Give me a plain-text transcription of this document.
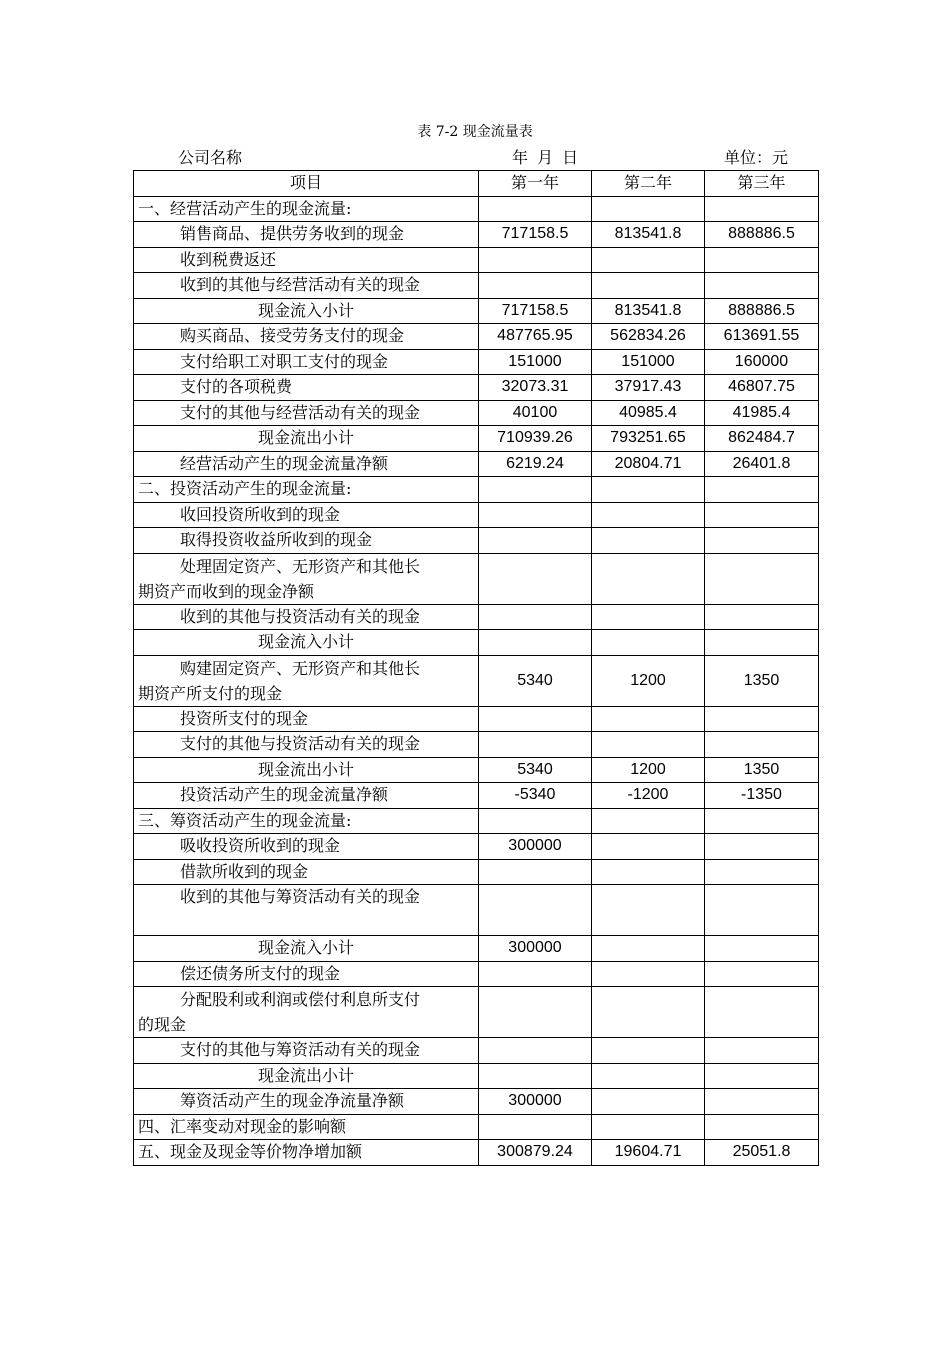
表 7-2 现金流量表
公司名称	年 月 日	单位：元
项目	第一年	第二年	第三年
一、经营活动产生的现金流量:			
销售商品、提供劳务收到的现金	717158.5	813541.8	888886.5
收到税费返还			
收到的其他与经营活动有关的现金			
现金流入小计	717158.5	813541.8	888886.5
购买商品、接受劳务支付的现金	487765.95	562834.26	613691.55
支付给职工对职工支付的现金	151000	151000	160000
支付的各项税费	32073.31	37917.43	46807.75
支付的其他与经营活动有关的现金	40100	40985.4	41985.4
现金流出小计	710939.26	793251.65	862484.7
经营活动产生的现金流量净额	6219.24	20804.71	26401.8
二、投资活动产生的现金流量:			
收回投资所收到的现金			
取得投资收益所收到的现金			

处理固定资产、无形资产和其他长
期资产而收到的现金净额			

收到的其他与投资活动有关的现金			
现金流入小计			

购建固定资产、无形资产和其他长
期资产所支付的现金	5340	1200	1350
投资所支付的现金			
支付的其他与投资活动有关的现金			
现金流出小计	5340	1200	1350
投资活动产生的现金流量净额	-5340	-1200	-1350
三、筹资活动产生的现金流量:			
吸收投资所收到的现金	300000		
借款所收到的现金			
收到的其他与筹资活动有关的现金			
现金流入小计	300000		
偿还债务所支付的现金			

分配股利或利润或偿付利息所支付
的现金			

支付的其他与筹资活动有关的现金			
现金流出小计			
筹资活动产生的现金净流量净额	300000		
四、汇率变动对现金的影响额			
五、现金及现金等价物净增加额	300879.24	19604.71	25051.8
